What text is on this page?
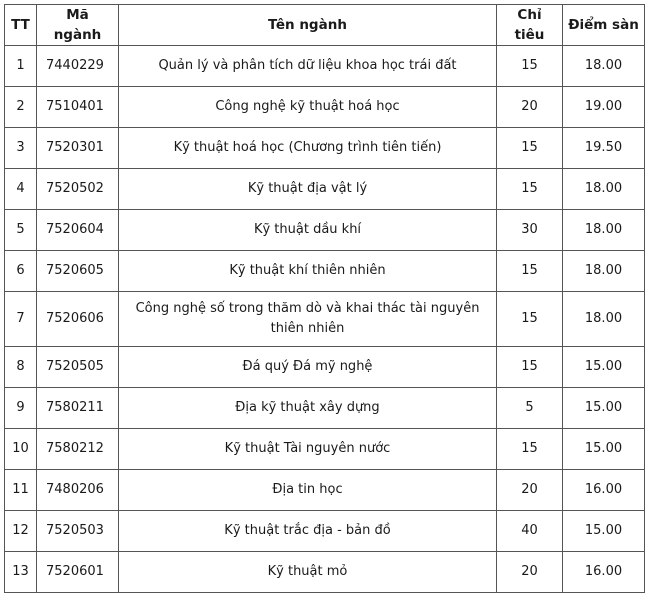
TT	Mã ngành	Tên ngành	Chỉ tiêu	Điểm sàn
1	7440229	Quản lý và phân tích dữ liệu khoa học trái đất	15	18.00
2	7510401	Công nghệ kỹ thuật hoá học	20	19.00
3	7520301	Kỹ thuật hoá học (Chương trình tiên tiến)	15	19.50
4	7520502	Kỹ thuật địa vật lý	15	18.00
5	7520604	Kỹ thuật dầu khí	30	18.00
6	7520605	Kỹ thuật khí thiên nhiên	15	18.00
7	7520606	Công nghệ số trong thăm dò và khai thác tài nguyên thiên nhiên	15	18.00
8	7520505	Đá quý Đá mỹ nghệ	15	15.00
9	7580211	Địa kỹ thuật xây dựng	5	15.00
10	7580212	Kỹ thuật Tài nguyên nước	15	15.00
11	7480206	Địa tin học	20	16.00
12	7520503	Kỹ thuật trắc địa - bản đồ	40	15.00
13	7520601	Kỹ thuật mỏ	20	16.00
